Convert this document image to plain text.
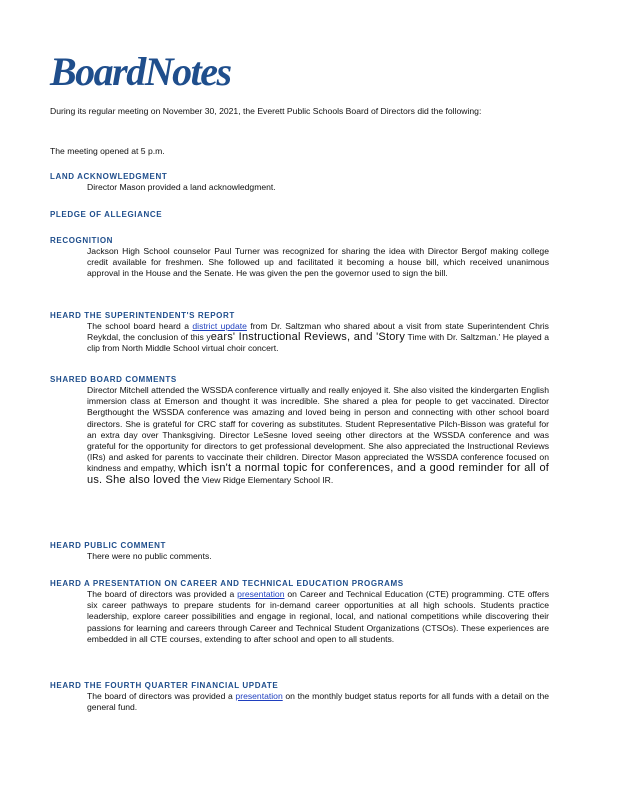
BoardNotes
During its regular meeting on November 30, 2021, the Everett Public Schools Board of Directors did the following:
The meeting opened at 5 p.m.
LAND ACKNOWLEDGMENT
Director Mason provided a land acknowledgment.
PLEDGE OF ALLEGIANCE
RECOGNITION
Jackson High School counselor Paul Turner was recognized for sharing the idea with Director Bergof making college credit available for freshmen. She followed up and facilitated it becoming a house bill, which received unanimous approval in the House and the Senate. He was given the pen the governor used to sign the bill.
HEARD THE SUPERINTENDENT'S REPORT
The school board heard a district update from Dr. Saltzman who shared about a visit from state Superintendent Chris Reykdal, the conclusion of this years' Instructional Reviews, and 'Story Time with Dr. Saltzman.' He played a clip from North Middle School virtual choir concert.
SHARED BOARD COMMENTS
Director Mitchell attended the WSSDA conference virtually and really enjoyed it. She also visited the kindergarten English immersion class at Emerson and thought it was incredible. She shared a plea for people to get vaccinated. Director Bergthought the WSSDA conference was amazing and loved being in person and connecting with other school board directors. She is grateful for CRC staff for covering as substitutes. Student Representative Pilch-Bisson was grateful for an extra day over Thanksgiving. Director LeSesne loved seeing other directors at the WSSDA conference and was grateful for the opportunity for directors to get professional development. She also appreciated the Instructional Reviews (IRs) and asked for parents to vaccinate their children. Director Mason appreciated the WSSDA conference focused on kindness and empathy, which isn't a normal topic for conferences, and a good reminder for all of us. She also loved the View Ridge Elementary School IR.
HEARD PUBLIC COMMENT
There were no public comments.
HEARD A PRESENTATION ON CAREER AND TECHNICAL EDUCATION PROGRAMS
The board of directors was provided a presentation on Career and Technical Education (CTE) programming. CTE offers six career pathways to prepare students for in-demand career opportunities at all high schools. Students practice leadership, explore career possibilities and engage in regional, local, and national competitions while discovering their passions for learning and careers through Career and Technical Student Organizations (CTSOs). These experiences are embedded in all CTE courses, extending to after school and open to all students.
HEARD THE FOURTH QUARTER FINANCIAL UPDATE
The board of directors was provided a presentation on the monthly budget status reports for all funds with a detail on the general fund.
